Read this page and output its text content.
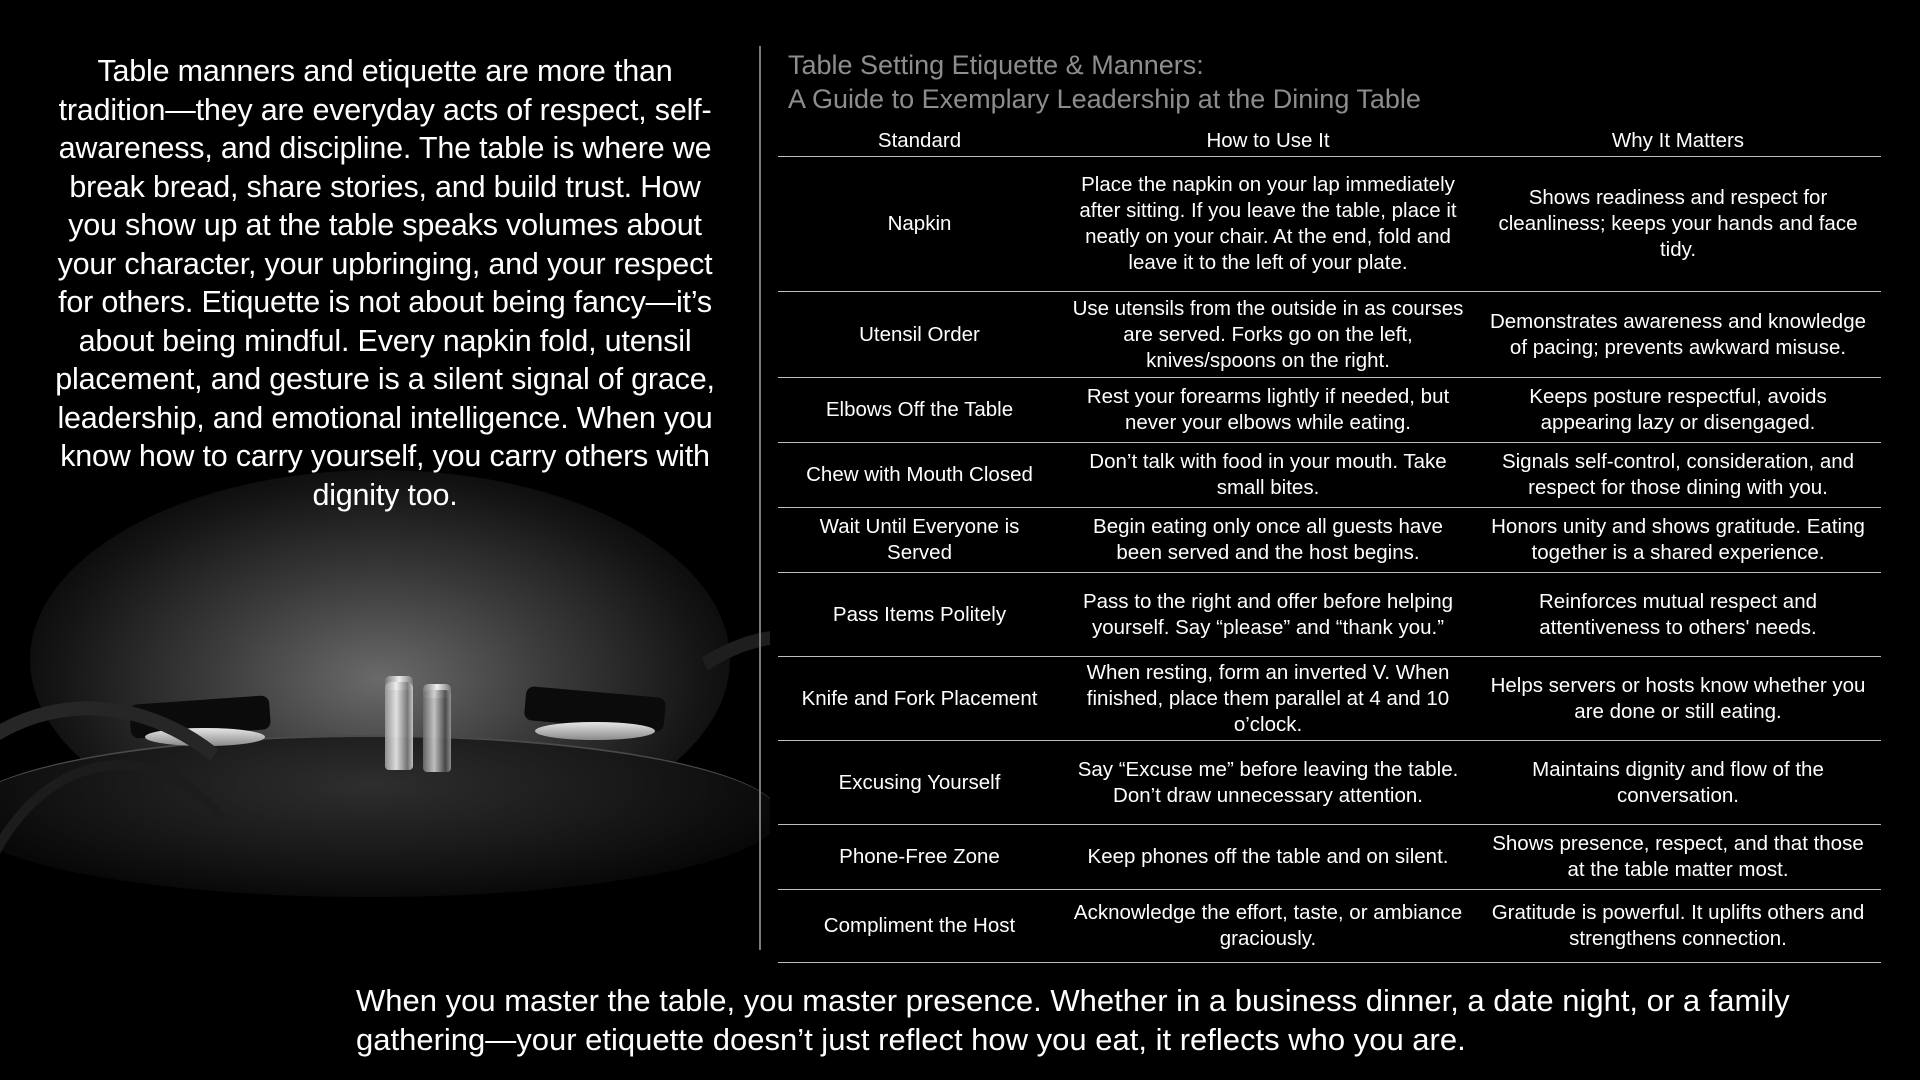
Table manners and etiquette are more than tradition—they are everyday acts of respect, self-awareness, and discipline. The table is where we break bread, share stories, and build trust. How you show up at the table speaks volumes about your character, your upbringing, and your respect for others. Etiquette is not about being fancy—it’s about being mindful. Every napkin fold, utensil placement, and gesture is a silent signal of grace, leadership, and emotional intelligence. When you know how to carry yourself, you carry others with dignity too.
Table Setting Etiquette & Manners:
A Guide to Exemplary Leadership at the Dining Table
Standard	How to Use It	Why It Matters
Napkin	Place the napkin on your lap immediately after sitting. If you leave the table, place it neatly on your chair. At the end, fold and leave it to the left of your plate.	Shows readiness and respect for cleanliness; keeps your hands and face tidy.
Utensil Order	Use utensils from the outside in as courses are served. Forks go on the left, knives/spoons on the right.	Demonstrates awareness and knowledge of pacing; prevents awkward misuse.
Elbows Off the Table	Rest your forearms lightly if needed, but never your elbows while eating.	Keeps posture respectful, avoids appearing lazy or disengaged.
Chew with Mouth Closed	Don’t talk with food in your mouth. Take small bites.	Signals self-control, consideration, and respect for those dining with you.
Wait Until Everyone is Served	Begin eating only once all guests have been served and the host begins.	Honors unity and shows gratitude. Eating together is a shared experience.
Pass Items Politely	Pass to the right and offer before helping yourself. Say “please” and “thank you.”	Reinforces mutual respect and attentiveness to others' needs.
Knife and Fork Placement	When resting, form an inverted V. When finished, place them parallel at 4 and 10 o’clock.	Helps servers or hosts know whether you are done or still eating.
Excusing Yourself	Say “Excuse me” before leaving the table. Don’t draw unnecessary attention.	Maintains dignity and flow of the conversation.
Phone-Free Zone	Keep phones off the table and on silent.	Shows presence, respect, and that those at the table matter most.
Compliment the Host	Acknowledge the effort, taste, or ambiance graciously.	Gratitude is powerful. It uplifts others and strengthens connection.
When you master the table, you master presence. Whether in a business dinner, a date night, or a family gathering—your etiquette doesn’t just reflect how you eat, it reflects who you are.
